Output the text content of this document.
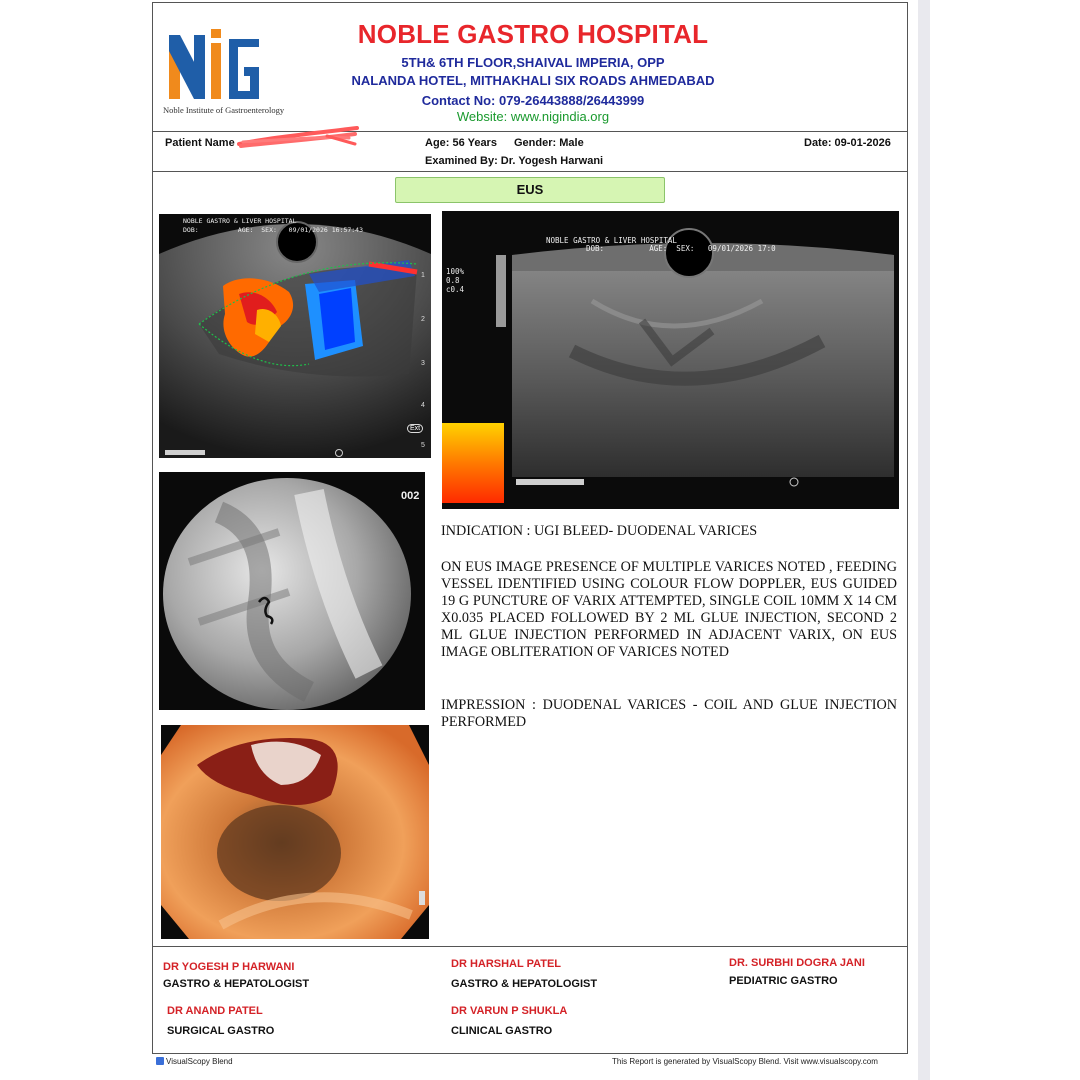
Noble Institute of Gastroenterology
NOBLE GASTRO HOSPITAL
5TH& 6TH FLOOR,SHAIVAL IMPERIA, OPP
NALANDA HOTEL, MITHAKHALI SIX ROADS AHMEDABAD
Contact No: 079-26443888/26443999
Website: www.nigindia.org
Patient Name	Age: 56 Years Gender: Male	Date: 09-01-2026
Examined By: Dr. Yogesh Harwani
EUS
NOBLE GASTRO & LIVER HOSPITAL
DOB:          AGE:  SEX:   09/01/2026 16:57:43
1
2
3
4
5
Ext
NOBLE GASTRO & LIVER HOSPITAL
DOB:          AGE:  SEX:   09/01/2026 17:0
100%
0.8
c0.4
002

INDICATION : UGI BLEED- DUODENAL VARICES

ON EUS IMAGE PRESENCE OF MULTIPLE VARICES NOTED , FEEDING VESSEL IDENTIFIED USING COLOUR FLOW DOPPLER, EUS GUIDED 19 G PUNCTURE OF VARIX ATTEMPTED, SINGLE COIL 10MM X 14 CM X0.035 PLACED FOLLOWED BY 2 ML GLUE INJECTION, SECOND 2 ML GLUE INJECTION PERFORMED IN ADJACENT VARIX, ON EUS IMAGE OBLITERATION OF VARICES NOTED

IMPRESSION : DUODENAL VARICES - COIL AND GLUE INJECTION PERFORMED

DR YOGESH P HARWANI
GASTRO & HEPATOLOGIST
DR HARSHAL PATEL
GASTRO & HEPATOLOGIST
DR. SURBHI DOGRA JANI
PEDIATRIC GASTRO
DR ANAND PATEL
SURGICAL GASTRO
DR VARUN P SHUKLA
CLINICAL GASTRO
VisualScopy Blend	This Report is generated by VisualScopy Blend. Visit www.visualscopy.com
